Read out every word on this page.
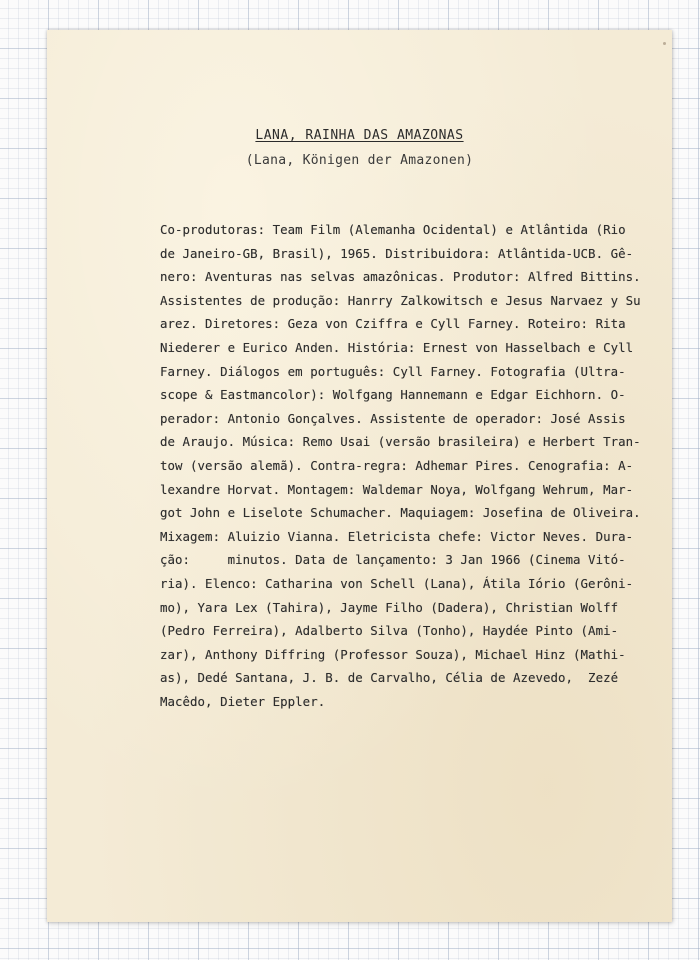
LANA, RAINHA DAS AMAZONAS
(Lana, Königen der Amazonen)
Co-produtoras: Team Film (Alemanha Ocidental) e Atlântida (Rio
de Janeiro-GB, Brasil), 1965. Distribuidora: Atlântida-UCB. Gê-
nero: Aventuras nas selvas amazônicas. Produtor: Alfred Bittins.
Assistentes de produção: Hanrry Zalkowitsch e Jesus Narvaez y Su
arez. Diretores: Geza von Cziffra e Cyll Farney. Roteiro: Rita
Niederer e Eurico Anden. História: Ernest von Hasselbach e Cyll
Farney. Diálogos em português: Cyll Farney. Fotografia (Ultra-
scope & Eastmancolor): Wolfgang Hannemann e Edgar Eichhorn. O-
perador: Antonio Gonçalves. Assistente de operador: José Assis
de Araujo. Música: Remo Usai (versão brasileira) e Herbert Tran-
tow (versão alemã). Contra-regra: Adhemar Pires. Cenografia: A-
lexandre Horvat. Montagem: Waldemar Noya, Wolfgang Wehrum, Mar-
got John e Liselote Schumacher. Maquiagem: Josefina de Oliveira.
Mixagem: Aluizio Vianna. Eletricista chefe: Victor Neves. Dura-
ção:     minutos. Data de lançamento: 3 Jan 1966 (Cinema Vitó-
ria). Elenco: Catharina von Schell (Lana), Átila Iório (Gerôni-
mo), Yara Lex (Tahira), Jayme Filho (Dadera), Christian Wolff
(Pedro Ferreira), Adalberto Silva (Tonho), Haydée Pinto (Ami-
zar), Anthony Diffring (Professor Souza), Michael Hinz (Mathi-
as), Dedé Santana, J. B. de Carvalho, Célia de Azevedo,  Zezé
Macêdo, Dieter Eppler.
